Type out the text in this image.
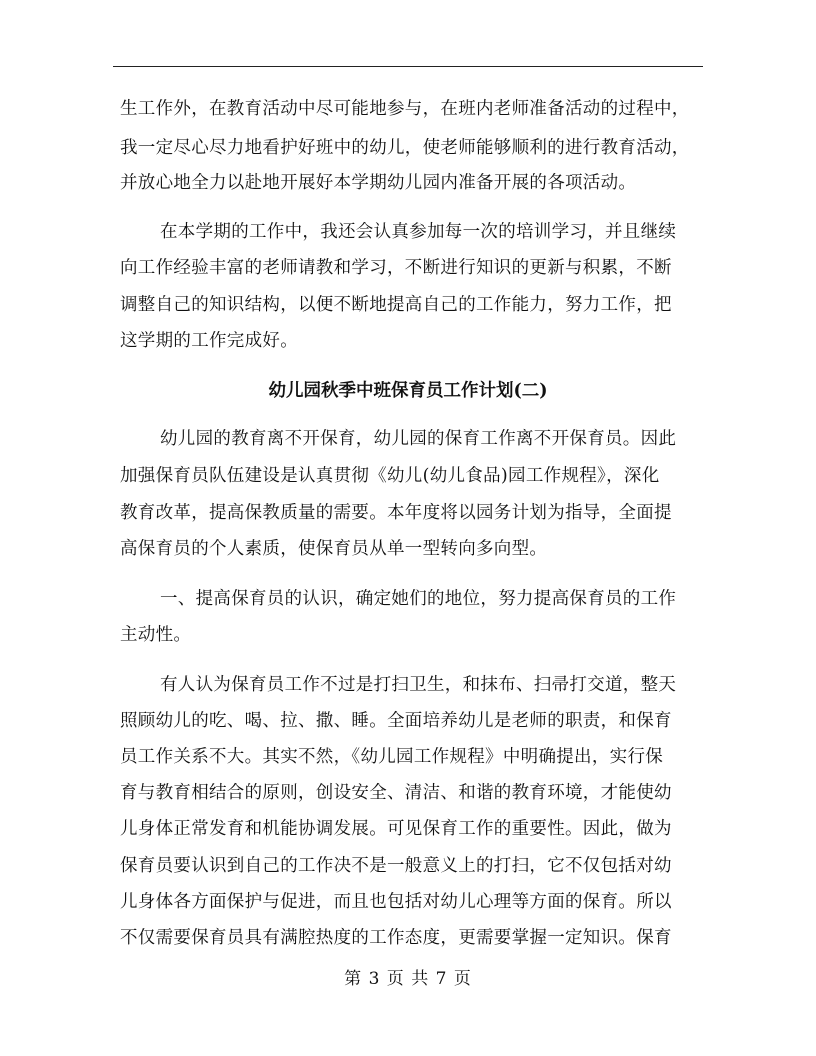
生工作外，在教育活动中尽可能地参与，在班内老师准备活动的过程中，
我一定尽心尽力地看护好班中的幼儿，使老师能够顺利的进行教育活动，
并放心地全力以赴地开展好本学期幼儿园内准备开展的各项活动。
在本学期的工作中，我还会认真参加每一次的培训学习，并且继续
向工作经验丰富的老师请教和学习，不断进行知识的更新与积累，不断
调整自己的知识结构，以便不断地提高自己的工作能力，努力工作，把
这学期的工作完成好。
幼儿园秋季中班保育员工作计划(二)
幼儿园的教育离不开保育，幼儿园的保育工作离不开保育员。因此
加强保育员队伍建设是认真贯彻《幼儿(幼儿食品)园工作规程》，深化
教育改革，提高保教质量的需要。本年度将以园务计划为指导，全面提
高保育员的个人素质，使保育员从单一型转向多向型。
一、提高保育员的认识，确定她们的地位，努力提高保育员的工作
主动性。
有人认为保育员工作不过是打扫卫生，和抹布、扫帚打交道，整天
照顾幼儿的吃、喝、拉、撒、睡。全面培养幼儿是老师的职责，和保育
员工作关系不大。其实不然，《幼儿园工作规程》中明确提出，实行保
育与教育相结合的原则，创设安全、清洁、和谐的教育环境，才能使幼
儿身体正常发育和机能协调发展。可见保育工作的重要性。因此，做为
保育员要认识到自己的工作决不是一般意义上的打扫，它不仅包括对幼
儿身体各方面保护与促进，而且也包括对幼儿心理等方面的保育。所以
不仅需要保育员具有满腔热度的工作态度，更需要掌握一定知识。保育
第 3 页 共 7 页
